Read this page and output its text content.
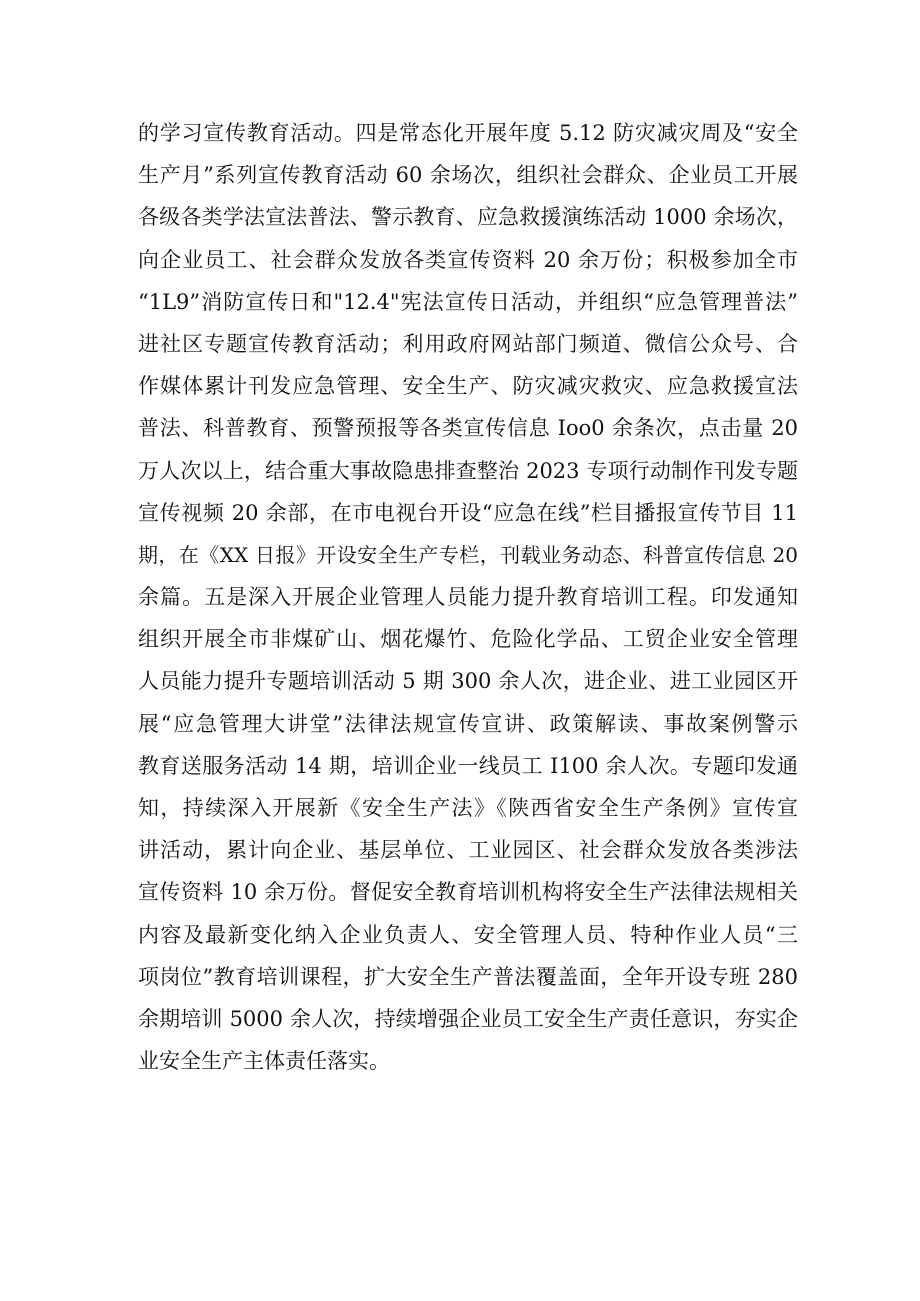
的学习宣传教育活动。四是常态化开展年度 5.12 防灾减灾周及“安全
生产月”系列宣传教育活动 60 余场次，组织社会群众、企业员工开展
各级各类学法宣法普法、警示教育、应急救援演练活动 1000 余场次，
向企业员工、社会群众发放各类宣传资料 20 余万份；积极参加全市
“1L9”消防宣传日和"12.4"宪法宣传日活动，并组织“应急管理普法”
进社区专题宣传教育活动；利用政府网站部门频道、微信公众号、合
作媒体累计刊发应急管理、安全生产、防灾减灾救灾、应急救援宣法
普法、科普教育、预警预报等各类宣传信息 Ioo0 余条次，点击量 20
万人次以上，结合重大事故隐患排查整治 2023 专项行动制作刊发专题
宣传视频 20 余部，在市电视台开设“应急在线”栏目播报宣传节目 11
期，在《XX 日报》开设安全生产专栏，刊载业务动态、科普宣传信息 20
余篇。五是深入开展企业管理人员能力提升教育培训工程。印发通知
组织开展全市非煤矿山、烟花爆竹、危险化学品、工贸企业安全管理
人员能力提升专题培训活动 5 期 300 余人次，进企业、进工业园区开
展“应急管理大讲堂”法律法规宣传宣讲、政策解读、事故案例警示
教育送服务活动 14 期，培训企业一线员工 I100 余人次。专题印发通
知，持续深入开展新《安全生产法》《陕西省安全生产条例》宣传宣
讲活动，累计向企业、基层单位、工业园区、社会群众发放各类涉法
宣传资料 10 余万份。督促安全教育培训机构将安全生产法律法规相关
内容及最新变化纳入企业负责人、安全管理人员、特种作业人员“三
项岗位”教育培训课程，扩大安全生产普法覆盖面，全年开设专班 280
余期培训 5000 余人次，持续增强企业员工安全生产责任意识，夯实企
业安全生产主体责任落实。
